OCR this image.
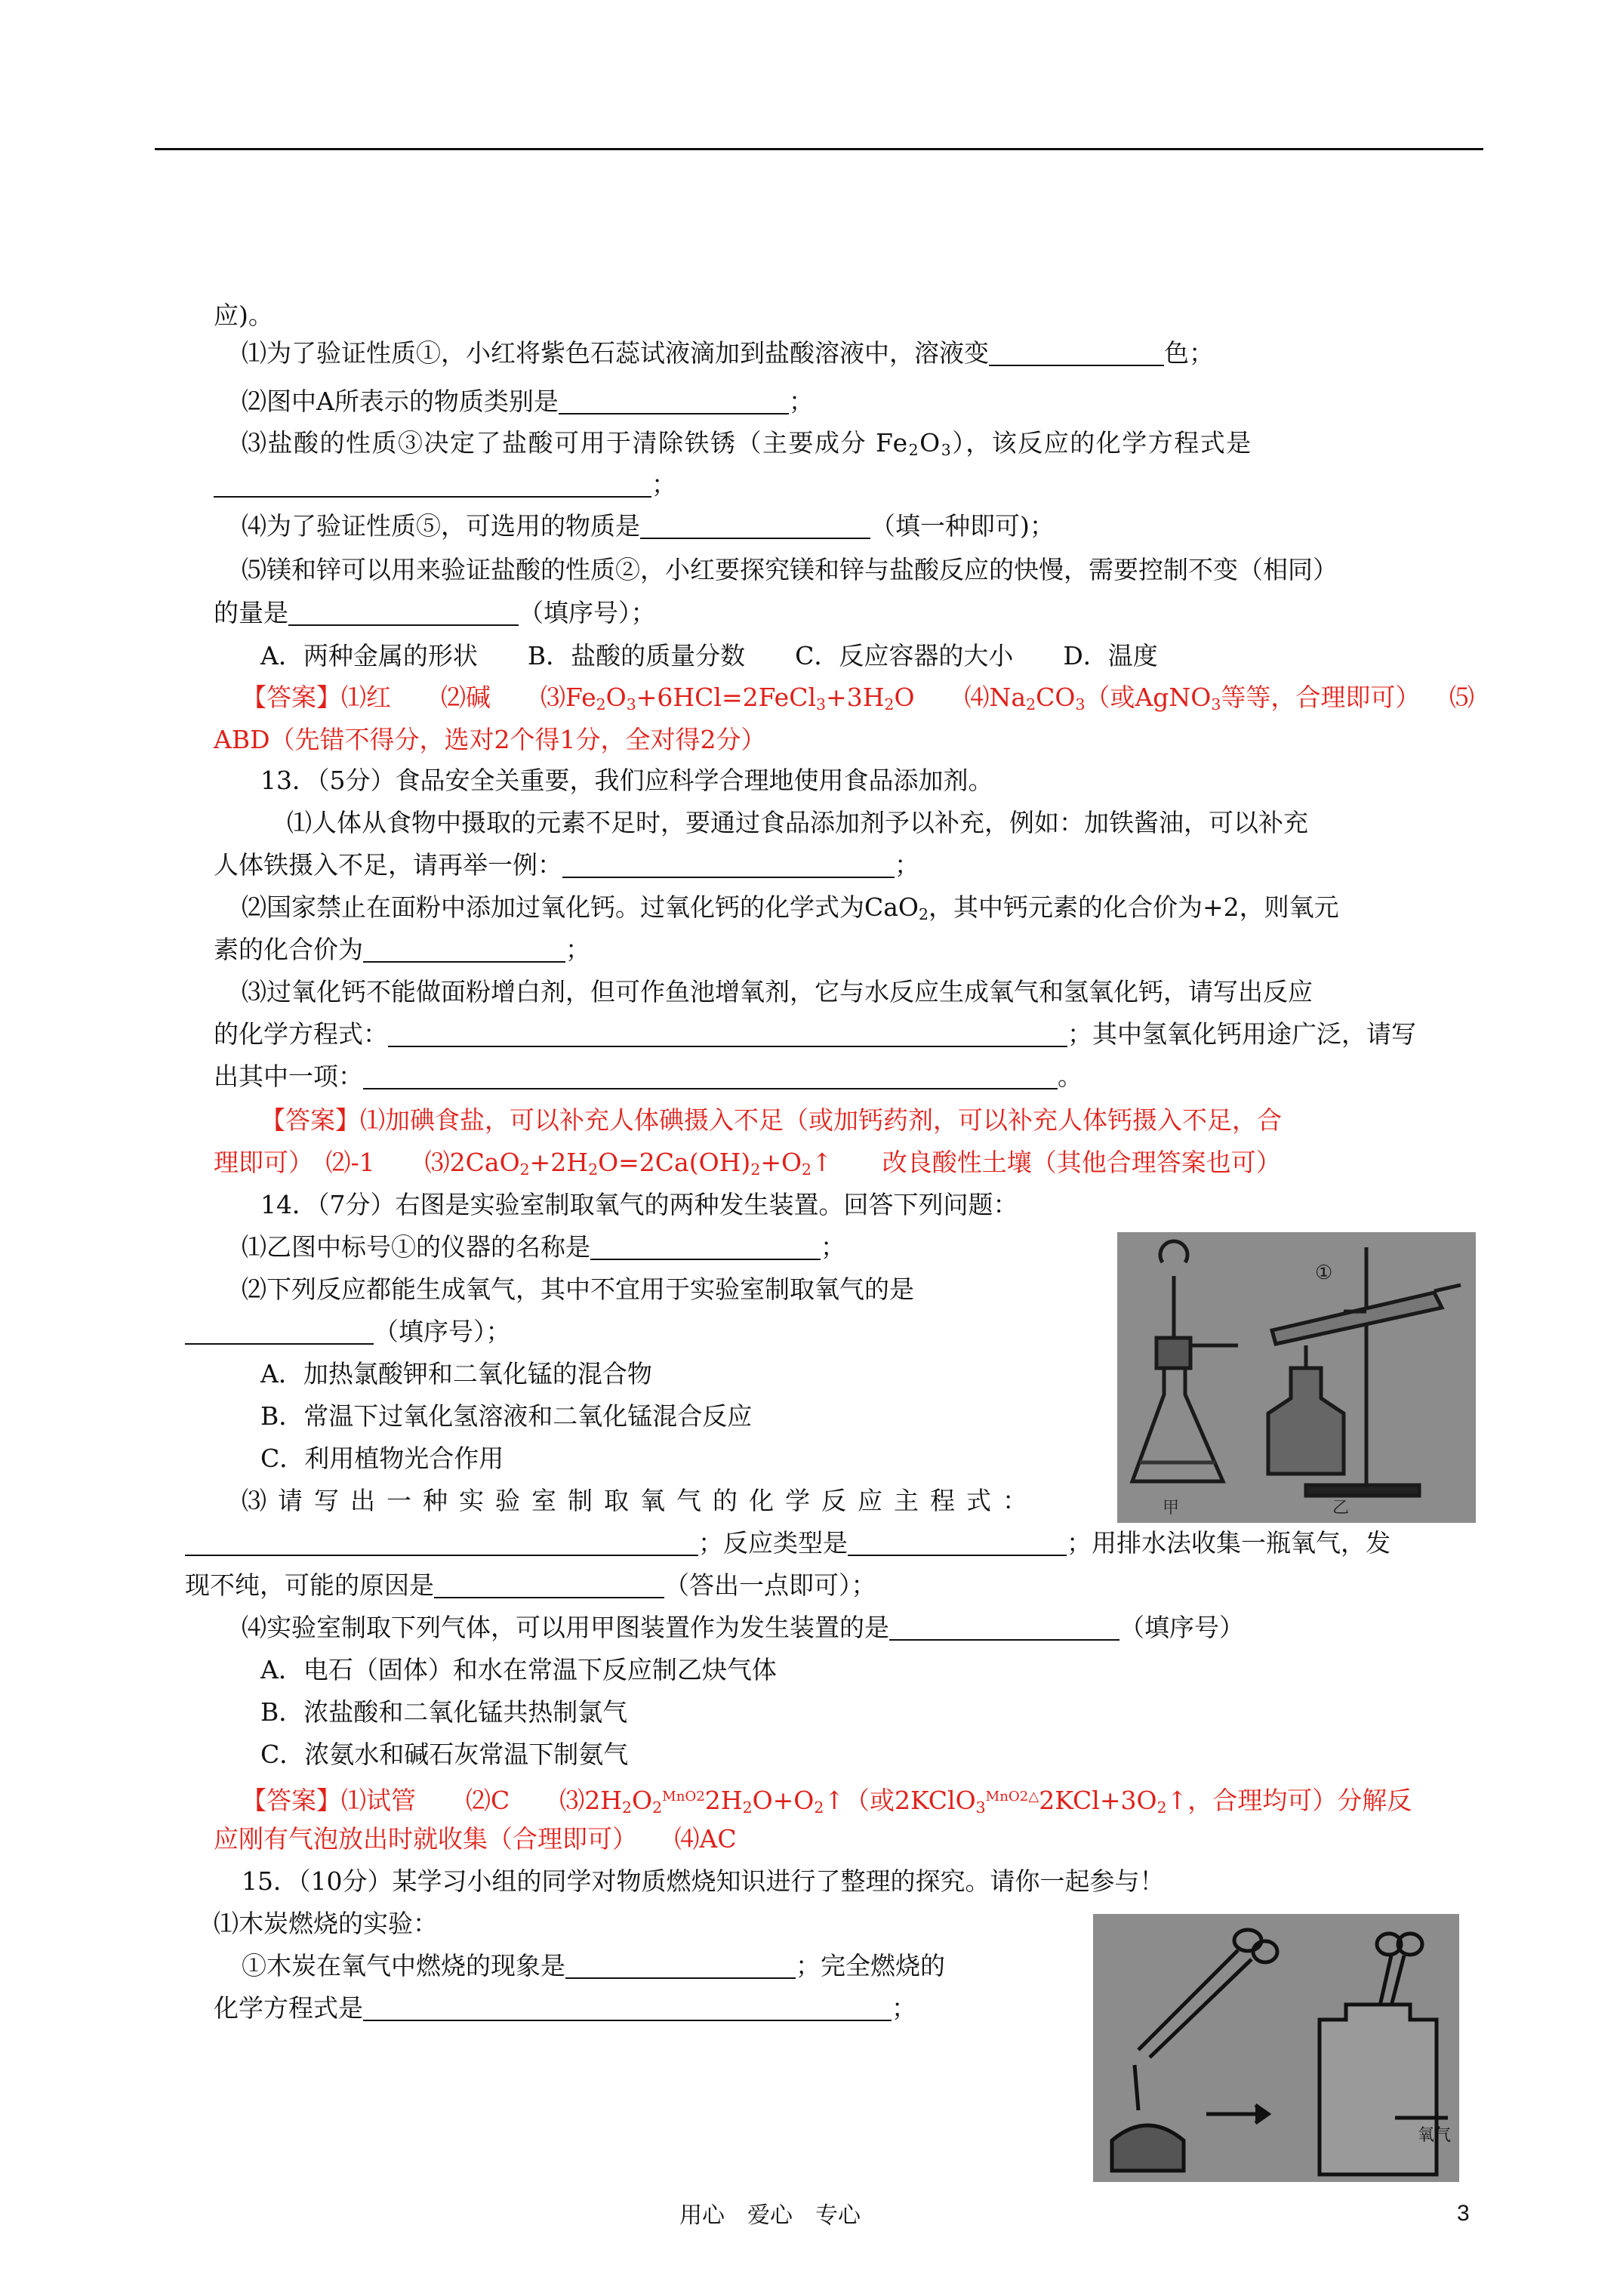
应)。
⑴为了验证性质①，小红将紫色石蕊试液滴加到盐酸溶液中，溶液变	色；
⑵图中A所表示的物质类别是	；
⑶盐酸的性质③决定了盐酸可用于清除铁锈（主要成分 $Fe_2O_3$），该反应的化学方程式是
；
⑷为了验证性质⑤，可选用的物质是	（填一种即可)；
⑸镁和锌可以用来验证盐酸的性质②，小红要探究镁和锌与盐酸反应的快慢，需要控制不变（相同）
的量是	（填序号）；
A．两种金属的形状　　B．盐酸的质量分数　　C．反应容器的大小　　D．温度
【答案】⑴红　　⑵碱　　$⑶Fe_2O_3+6HCl=2FeCl_3+3H_2O$　　$⑷Na_2CO_3$（或AgNO$_3$等等，合理即可） ⑸
ABD（先错不得分，选对2个得1分，全对得2分）
13．（5分）食品安全关重要，我们应科学合理地使用食品添加剂。
⑴人体从食物中摄取的元素不足时，要通过食品添加剂予以补充，例如：加铁酱油，可以补充
人体铁摄入不足，请再举一例：	；
⑵国家禁止在面粉中添加过氧化钙。过氧化钙的化学式为CaO$_2$，其中钙元素的化合价为+2，则氧元
素的化合价为	；
⑶过氧化钙不能做面粉增白剂，但可作鱼池增氧剂，它与水反应生成氧气和氢氧化钙，请写出反应
的化学方程式：	；其中氢氧化钙用途广泛，请写
出其中一项：	。
【答案】⑴加碘食盐，可以补充人体碘摄入不足（或加钙药剂，可以补充人体钙摄入不足，合
理即可）　⑵-1　　$⑶2CaO_2+2H_2O=2Ca(OH)_2+O_2↑$　　改良酸性土壤（其他合理答案也可）
14．（7分）右图是实验室制取氧气的两种发生装置。回答下列问题：
⑴乙图中标号①的仪器的名称是	；
⑵下列反应都能生成氧气，其中不宜用于实验室制取氧气的是
（填序号）；
A．加热氯酸钾和二氧化锰的混合物
B．常温下过氧化氢溶液和二氧化锰混合反应
C．利用植物光合作用
⑶请写出一种实验室制取氧气的化学反应主程式：
；反应类型是	；用排水法收集一瓶氧气，发
现不纯，可能的原因是	（答出一点即可）；
⑷实验室制取下列气体，可以用甲图装置作为发生装置的是	（填序号）
A．电石（固体）和水在常温下反应制乙炔气体
B．浓盐酸和二氧化锰共热制氯气
C．浓氨水和碱石灰常温下制氨气
【答案】⑴试管　　⑵C　　$⑶2H_2O_2MnO22H_2O+O_2↑$（或$2KClO_3MnO2\triangle 2KCl+3O_2↑$，合理均可）分解反
应刚有气泡放出时就收集（合理即可）　　⑷AC
15．（10分）某学习小组的同学对物质燃烧知识进行了整理的探究。请你一起参与！
⑴木炭燃烧的实验：
①木炭在氧气中燃烧的现象是	；完全燃烧的
化学方程式是	；
①
甲	乙
氧气
用心　爱心　专心	3
